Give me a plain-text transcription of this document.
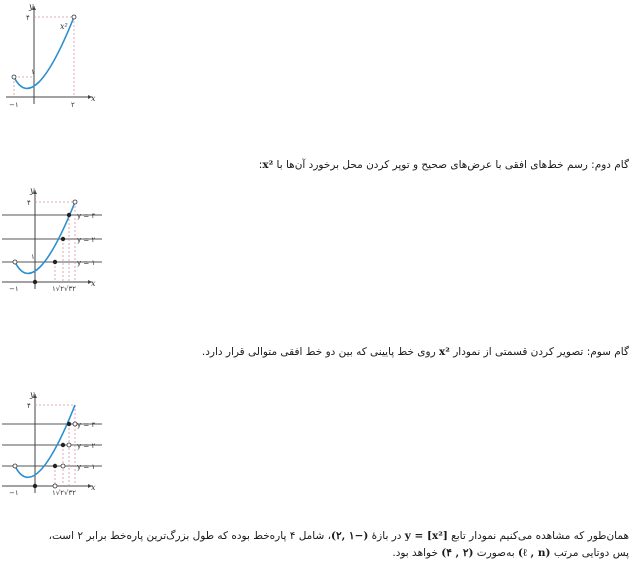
y
x
۴
−۱	۲
۱
x²
گام دوم: رسم خط‌های افقی با عرض‌های صحیح و توپر کردن محل برخورد آن‌ها با x²:
y
x
۴
−۱	۱√۲√۳۲
۱
y = ۳
y = ۲
y = ۱
گام سوم: تصویر کردن قسمتی از نمودار x² روی خط پایینی که بین دو خط افقی متوالی قرار دارد.
y
x
۴
−۱	۱√۲√۳۲
y = ۳
y = ۲
y = ۱
همان‌طور که مشاهده می‌کنیم نمودار تابع y = [x²] در بازهٔ (−۱ ,۲)، شامل ۴ پاره‌خط بوده که طول بزرگ‌ترین پاره‌خط برابر ۲ است،
پس دوتایی مرتب (ℓ , n) به‌صورت (۲ , ۴) خواهد بود.
